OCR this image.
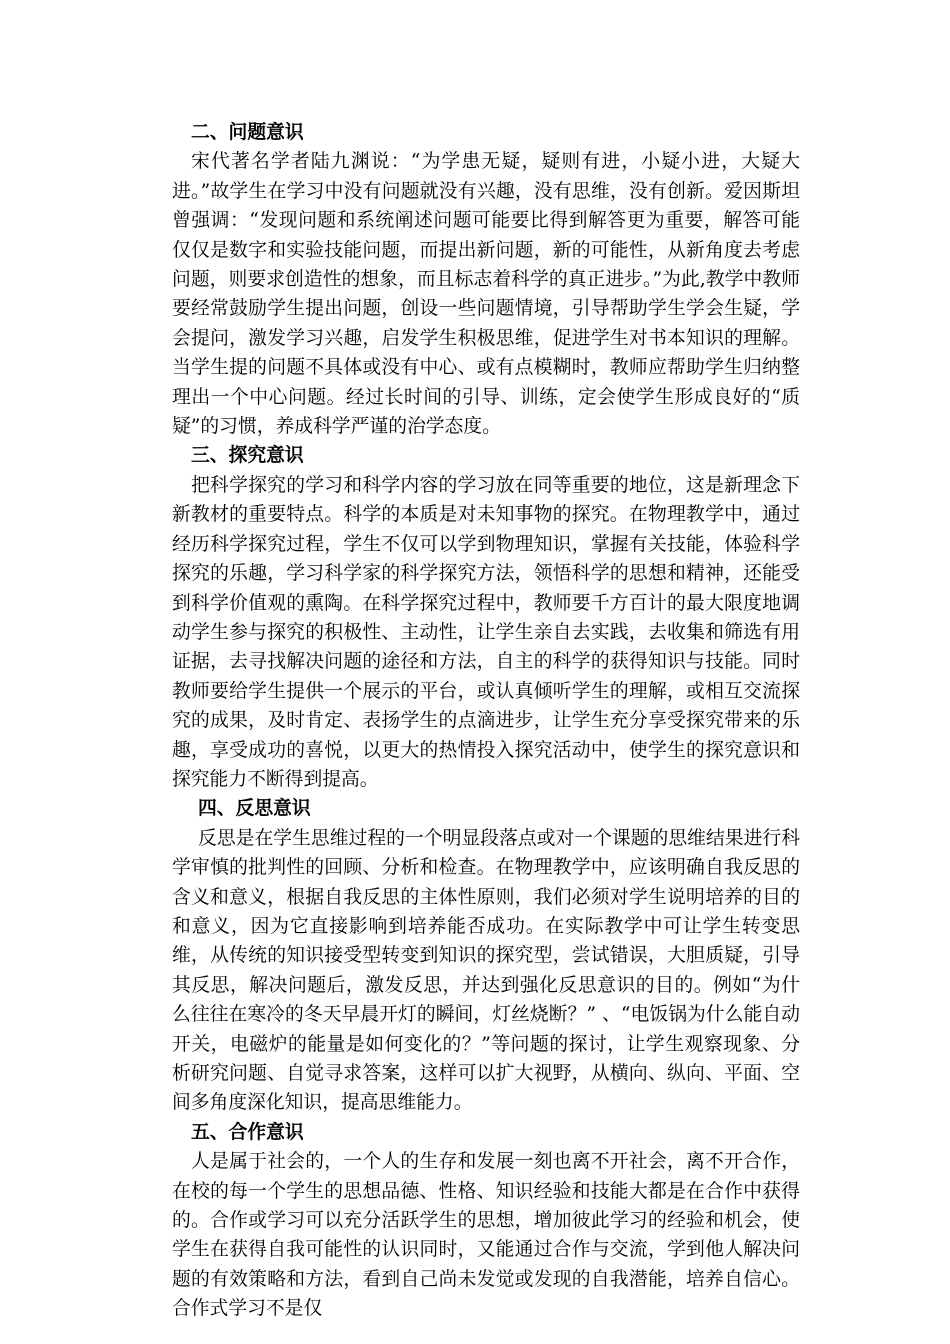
二、问题意识

宋代著名学者陆九渊说：“为学患无疑，疑则有进，小疑小进，大疑大进。”故学生在学习中没有问题就没有兴趣，没有思维，没有创新。爱因斯坦曾强调：“发现问题和系统阐述问题可能要比得到解答更为重要，解答可能仅仅是数字和实验技能问题，而提出新问题，新的可能性，从新角度去考虑问题，则要求创造性的想象，而且标志着科学的真正进步。”为此,教学中教师要经常鼓励学生提出问题，创设一些问题情境，引导帮助学生学会生疑，学会提问，激发学习兴趣，启发学生积极思维，促进学生对书本知识的理解。当学生提的问题不具体或没有中心、或有点模糊时，教师应帮助学生归纳整理出一个中心问题。经过长时间的引导、训练，定会使学生形成良好的“质疑”的习惯，养成科学严谨的治学态度。

三、探究意识

把科学探究的学习和科学内容的学习放在同等重要的地位，这是新理念下新教材的重要特点。科学的本质是对未知事物的探究。在物理教学中，通过经历科学探究过程，学生不仅可以学到物理知识，掌握有关技能，体验科学探究的乐趣，学习科学家的科学探究方法，领悟科学的思想和精神，还能受到科学价值观的熏陶。在科学探究过程中，教师要千方百计的最大限度地调动学生参与探究的积极性、主动性，让学生亲自去实践，去收集和筛选有用证据，去寻找解决问题的途径和方法，自主的科学的获得知识与技能。同时教师要给学生提供一个展示的平台，或认真倾听学生的理解，或相互交流探究的成果，及时肯定、表扬学生的点滴进步，让学生充分享受探究带来的乐趣，享受成功的喜悦，以更大的热情投入探究活动中，使学生的探究意识和探究能力不断得到提高。

四、反思意识

反思是在学生思维过程的一个明显段落点或对一个课题的思维结果进行科学审慎的批判性的回顾、分析和检查。在物理教学中，应该明确自我反思的含义和意义，根据自我反思的主体性原则，我们必须对学生说明培养的目的和意义，因为它直接影响到培养能否成功。在实际教学中可让学生转变思维，从传统的知识接受型转变到知识的探究型，尝试错误，大胆质疑，引导其反思，解决问题后，激发反思，并达到强化反思意识的目的。例如“为什么往往在寒冷的冬天早晨开灯的瞬间，灯丝烧断？” 、“电饭锅为什么能自动开关，电磁炉的能量是如何变化的？”等问题的探讨，让学生观察现象、分析研究问题、自觉寻求答案，这样可以扩大视野，从横向、纵向、平面、空间多角度深化知识，提高思维能力。

五、合作意识

人是属于社会的，一个人的生存和发展一刻也离不开社会，离不开合作，在校的每一个学生的思想品德、性格、知识经验和技能大都是在合作中获得的。合作或学习可以充分活跃学生的思想，增加彼此学习的经验和机会，使学生在获得自我可能性的认识同时，又能通过合作与交流，学到他人解决问题的有效策略和方法，看到自己尚未发觉或发现的自我潜能，培养自信心。合作式学习不是仅
